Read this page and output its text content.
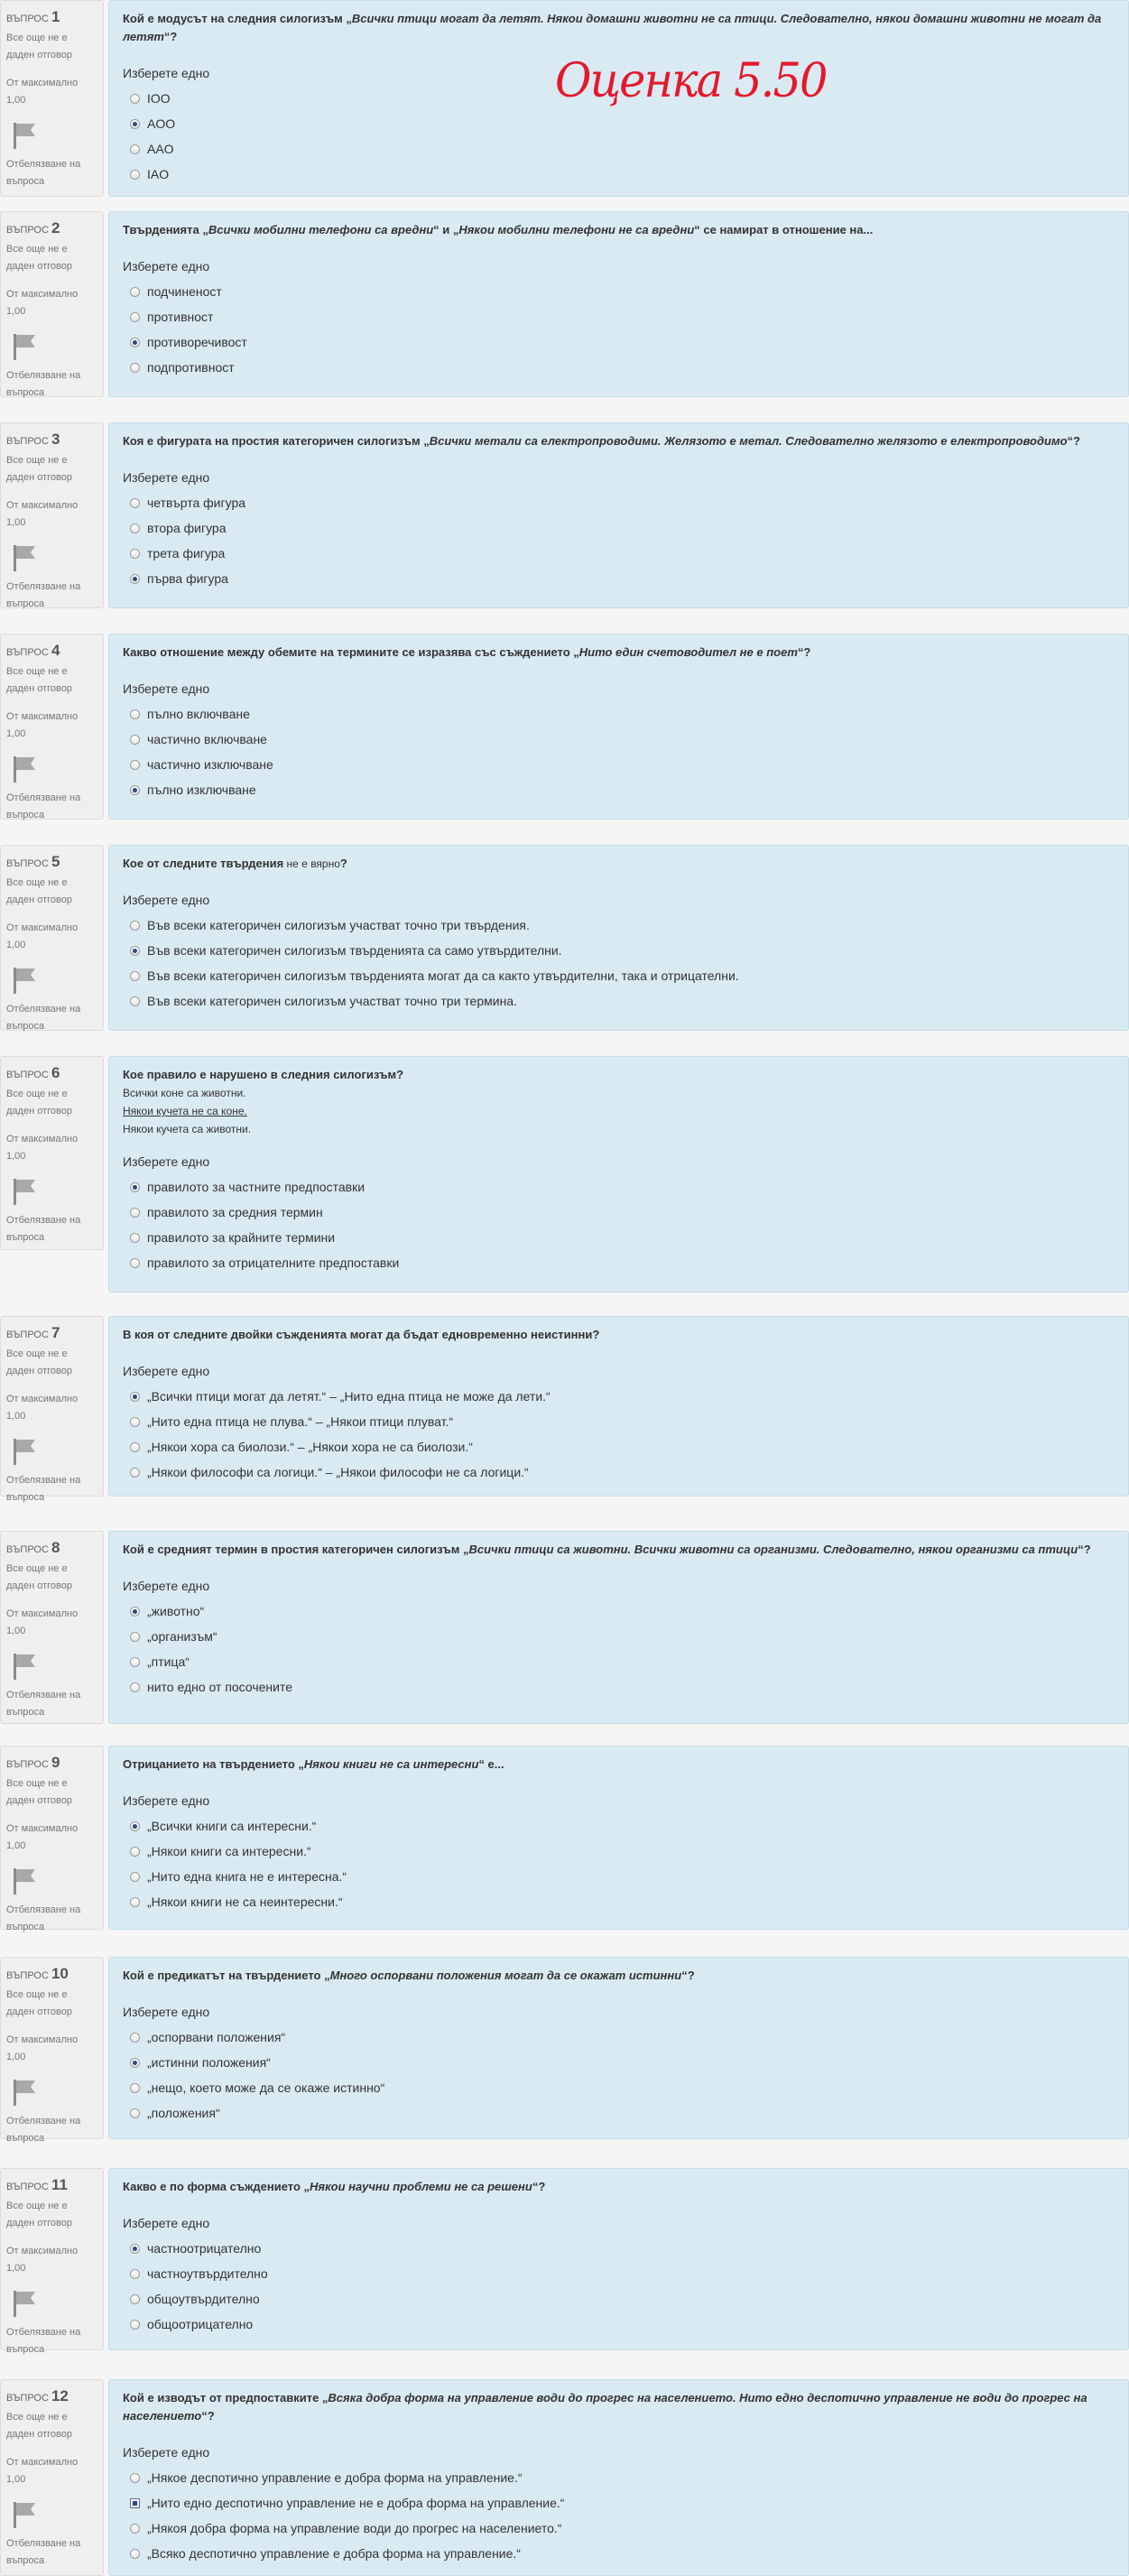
ВЪПРОС 1
Все още не е даден отговор
От максимално 1,00
Отбелязване на въпроса
Кой е модусът на следния силогизъм „Всички птици могат да летят. Някои домашни животни не са птици. Следователно, някои домашни животни не могат да летят“?
Изберете едно
IOO
AOO
AAO
IAO
Оценка 5.50
ВЪПРОС 2
Все още не е даден отговор
От максимално 1,00
Отбелязване на въпроса
Твърденията „Всички мобилни телефони са вредни“ и „Някои мобилни телефони не са вредни“ се намират в отношение на...
Изберете едно
подчиненост
противност
противоречивост
подпротивност
ВЪПРОС 3
Все още не е даден отговор
От максимално 1,00
Отбелязване на въпроса
Коя е фигурата на простия категоричен силогизъм „Всички метали са електропроводими. Желязото е метал. Следователно желязото е електропроводимо“?
Изберете едно
четвърта фигура
втора фигура
трета фигура
първа фигура
ВЪПРОС 4
Все още не е даден отговор
От максимално 1,00
Отбелязване на въпроса
Какво отношение между обемите на термините се изразява със съждението „Нито един счетоводител не е поет“?
Изберете едно
пълно включване
частично включване
частично изключване
пълно изключване
ВЪПРОС 5
Все още не е даден отговор
От максимално 1,00
Отбелязване на въпроса
Кое от следните твърдения не е вярно?
Изберете едно
Във всеки категоричен силогизъм участват точно три твърдения.
Във всеки категоричен силогизъм твърденията са само утвърдителни.
Във всеки категоричен силогизъм твърденията могат да са както утвърдителни, така и отрицателни.
Във всеки категоричен силогизъм участват точно три термина.
ВЪПРОС 6
Все още не е даден отговор
От максимално 1,00
Отбелязване на въпроса
Кое правило е нарушено в следния силогизъм?
Всички коне са животни.
Някои кучета не са коне.
Някои кучета са животни.
Изберете едно
правилото за частните предпоставки
правилото за средния термин
правилото за крайните термини
правилото за отрицателните предпоставки
ВЪПРОС 7
Все още не е даден отговор
От максимално 1,00
Отбелязване на въпроса
В коя от следните двойки съжденията могат да бъдат едновременно неистинни?
Изберете едно
„Всички птици могат да летят.“ – „Нито една птица не може да лети.“
„Нито една птица не плува.“ – „Някои птици плуват.“
„Някои хора са биолози.“ – „Някои хора не са биолози.“
„Някои философи са логици.“ – „Някои философи не са логици.“
ВЪПРОС 8
Все още не е даден отговор
От максимално 1,00
Отбелязване на въпроса
Кой е средният термин в простия категоричен силогизъм „Всички птици са животни. Всички животни са организми. Следователно, някои организми са птици“?
Изберете едно
„животно“
„организъм“
„птица“
нито едно от посочените
ВЪПРОС 9
Все още не е даден отговор
От максимално 1,00
Отбелязване на въпроса
Отрицанието на твърдението „Някои книги не са интересни“ е...
Изберете едно
„Всички книги са интересни.“
„Някои книги са интересни.“
„Нито една книга не е интересна.“
„Някои книги не са неинтересни.“
ВЪПРОС 10
Все още не е даден отговор
От максимално 1,00
Отбелязване на въпроса
Кой е предикатът на твърдението „Много оспорвани положения могат да се окажат истинни“?
Изберете едно
„оспорвани положения“
„истинни положения“
„нещо, което може да се окаже истинно“
„положения“
ВЪПРОС 11
Все още не е даден отговор
От максимално 1,00
Отбелязване на въпроса
Какво е по форма съждението „Някои научни проблеми не са решени“?
Изберете едно
частноотрицателно
частноутвърдително
общоутвърдително
общоотрицателно
ВЪПРОС 12
Все още не е даден отговор
От максимално 1,00
Отбелязване на въпроса
Кой е изводът от предпоставките „Всяка добра форма на управление води до прогрес на населението. Нито едно деспотично управление не води до прогрес на населението“?
Изберете едно
„Някое деспотично управление е добра форма на управление.“
„Нито едно деспотично управление не е добра форма на управление.“
„Някоя добра форма на управление води до прогрес на населението.“
„Всяко деспотично управление е добра форма на управление.“
